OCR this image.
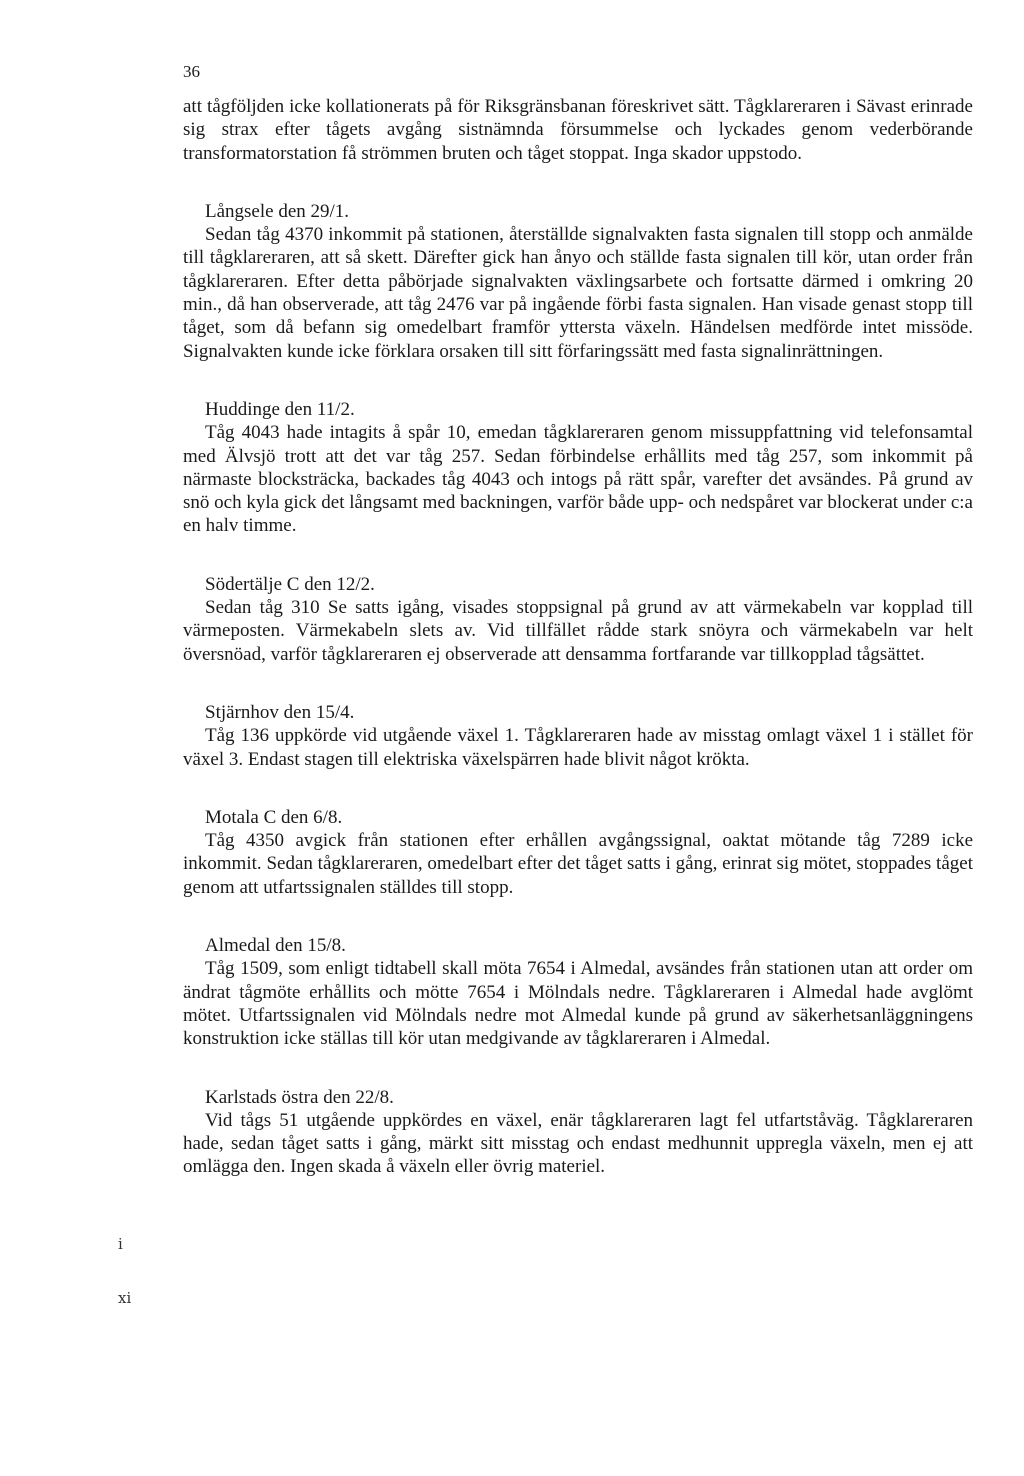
36

att tågföljden icke kollationerats på för Riksgränsbanan föreskrivet sätt. Tågklareraren i Sävast erinrade sig strax efter tågets avgång sistnämnda försummelse och lyckades genom vederbörande transformatorstation få strömmen bruten och tåget stoppat. Inga skador uppstodo.

Långsele den 29/1.

Sedan tåg 4370 inkommit på stationen, återställde signalvakten fasta signalen till stopp och anmälde till tågklareraren, att så skett. Därefter gick han ånyo och ställde fasta signalen till kör, utan order från tågklareraren. Efter detta påbörjade signalvakten växlingsarbete och fortsatte därmed i omkring 20 min., då han observerade, att tåg 2476 var på ingående förbi fasta signalen. Han visade genast stopp till tåget, som då befann sig omedelbart framför yttersta växeln. Händelsen medförde intet missöde. Signalvakten kunde icke förklara orsaken till sitt förfaringssätt med fasta signalinrättningen.

Huddinge den 11/2.

Tåg 4043 hade intagits å spår 10, emedan tågklareraren genom missuppfattning vid telefonsamtal med Älvsjö trott att det var tåg 257. Sedan förbindelse erhållits med tåg 257, som inkommit på närmaste blocksträcka, backades tåg 4043 och intogs på rätt spår, varefter det avsändes. På grund av snö och kyla gick det långsamt med backningen, varför både upp- och nedspåret var blockerat under c:a en halv timme.

Södertälje C den 12/2.

Sedan tåg 310 Se satts igång, visades stoppsignal på grund av att värmekabeln var kopplad till värmeposten. Värmekabeln slets av. Vid tillfället rådde stark snöyra och värmekabeln var helt översnöad, varför tågklareraren ej observerade att densamma fortfarande var tillkopplad tågsättet.

Stjärnhov den 15/4.

Tåg 136 uppkörde vid utgående växel 1. Tågklareraren hade av misstag omlagt växel 1 i stället för växel 3. Endast stagen till elektriska växelspärren hade blivit något krökta.

Motala C den 6/8.

Tåg 4350 avgick från stationen efter erhållen avgångssignal, oaktat mötande tåg 7289 icke inkommit. Sedan tågklareraren, omedelbart efter det tåget satts i gång, erinrat sig mötet, stoppades tåget genom att utfartssignalen ställdes till stopp.

Almedal den 15/8.

Tåg 1509, som enligt tidtabell skall möta 7654 i Almedal, avsändes från stationen utan att order om ändrat tågmöte erhållits och mötte 7654 i Mölndals nedre. Tågklareraren i Almedal hade avglömt mötet. Utfartssignalen vid Mölndals nedre mot Almedal kunde på grund av säkerhetsanläggningens konstruktion icke ställas till kör utan medgivande av tågklareraren i Almedal.

Karlstads östra den 22/8.

Vid tågs 51 utgående uppkördes en växel, enär tågklareraren lagt fel utfartståväg. Tågklareraren hade, sedan tåget satts i gång, märkt sitt misstag och endast medhunnit uppregla växeln, men ej att omlägga den. Ingen skada å växeln eller övrig materiel.

ⅰ
ⅺ
